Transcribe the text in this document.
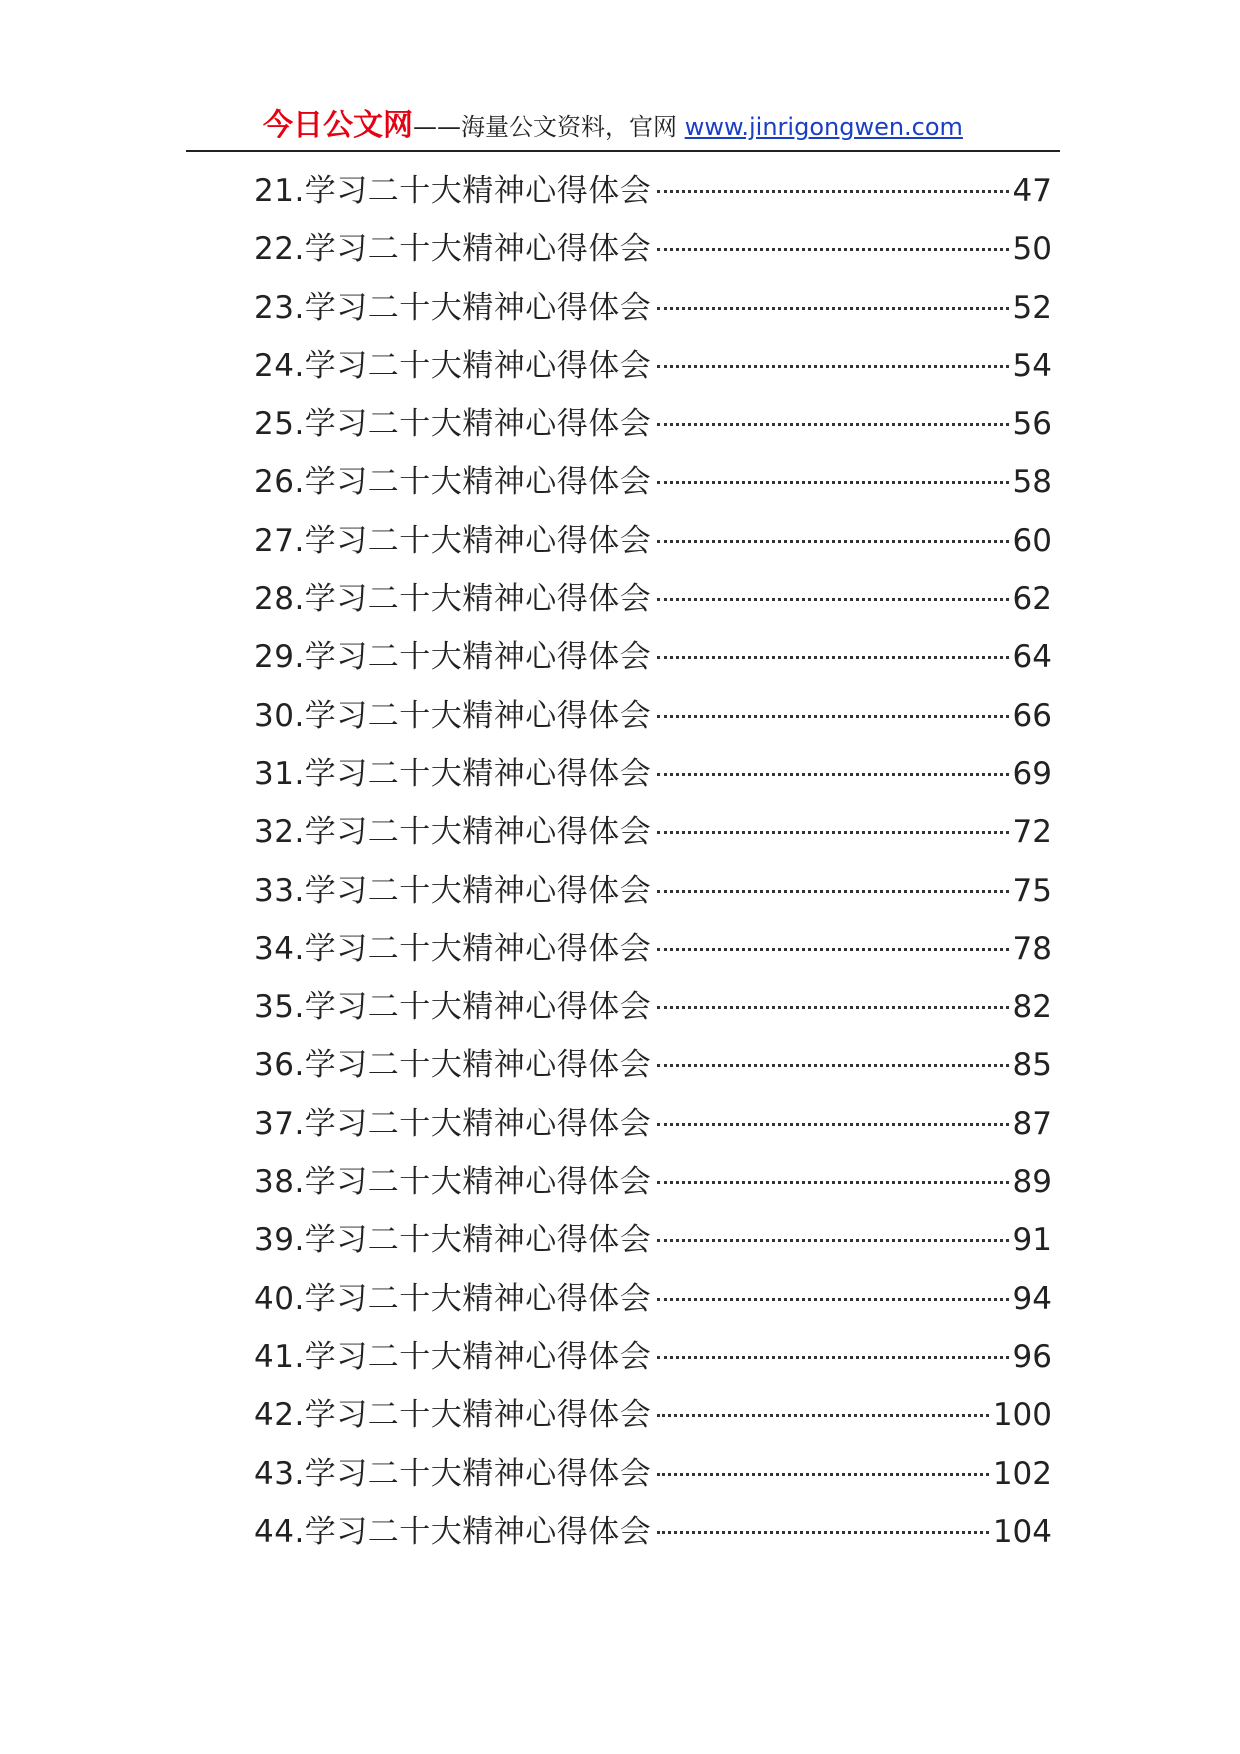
今日公文网——海量公文资料，官网 www.jinrigongwen.com
21.学习二十大精神心得体会	47
22.学习二十大精神心得体会	50
23.学习二十大精神心得体会	52
24.学习二十大精神心得体会	54
25.学习二十大精神心得体会	56
26.学习二十大精神心得体会	58
27.学习二十大精神心得体会	60
28.学习二十大精神心得体会	62
29.学习二十大精神心得体会	64
30.学习二十大精神心得体会	66
31.学习二十大精神心得体会	69
32.学习二十大精神心得体会	72
33.学习二十大精神心得体会	75
34.学习二十大精神心得体会	78
35.学习二十大精神心得体会	82
36.学习二十大精神心得体会	85
37.学习二十大精神心得体会	87
38.学习二十大精神心得体会	89
39.学习二十大精神心得体会	91
40.学习二十大精神心得体会	94
41.学习二十大精神心得体会	96
42.学习二十大精神心得体会	100
43.学习二十大精神心得体会	102
44.学习二十大精神心得体会	104
